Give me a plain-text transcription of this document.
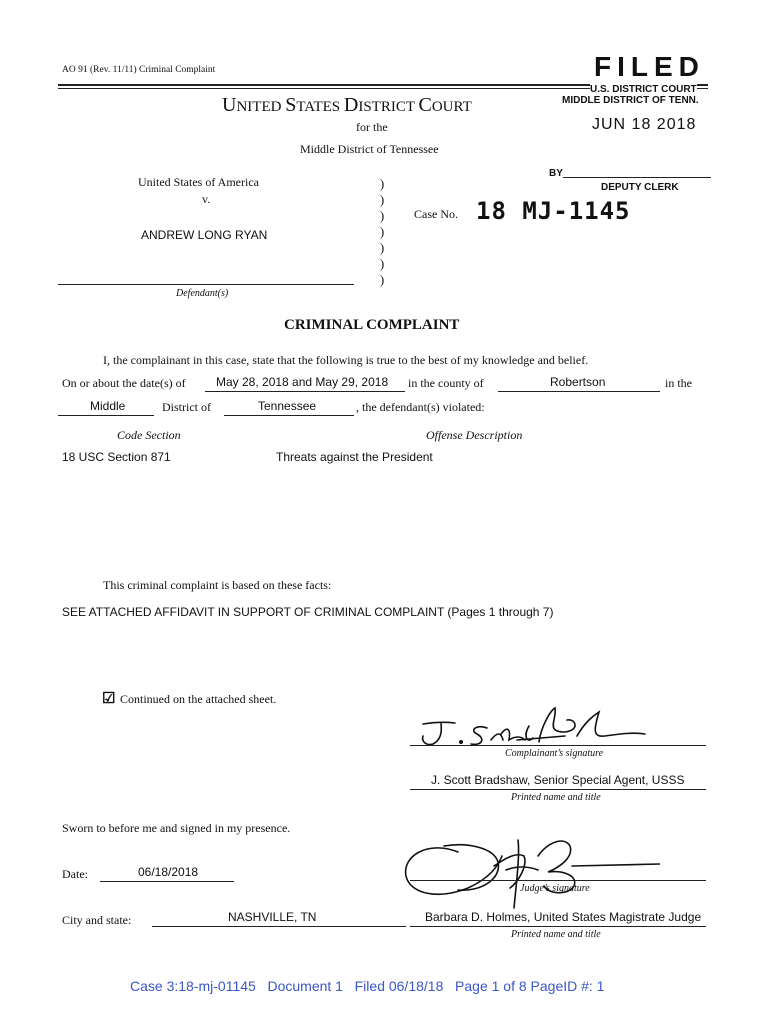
AO 91 (Rev. 11/11) Criminal Complaint	FILED
U.S. DISTRICT COURT
MIDDLE DISTRICT OF TENN.
JUN 18 2018
BY
DEPUTY CLERK
UNITED STATES DISTRICT COURT
for the
Middle District of Tennessee
United States of America
v.
ANDREW LONG RYAN
Defendant(s)
)
)
)
)
)
)
)
Case No. 18 MJ-1145
CRIMINAL COMPLAINT
I, the complainant in this case, state that the following is true to the best of my knowledge and belief.
On or about the date(s) of	May 28, 2018 and May 29, 2018 in the county of	Robertson	in the
Middle	District of	Tennessee	, the defendant(s) violated:
Code Section	Offense Description
18 USC Section 871	Threats against the President
This criminal complaint is based on these facts:
SEE ATTACHED AFFIDAVIT IN SUPPORT OF CRIMINAL COMPLAINT (Pages 1 through 7)
☑ Continued on the attached sheet.
Complainant’s signature
J. Scott Bradshaw, Senior Special Agent, USSS
Printed name and title
Sworn to before me and signed in my presence.
Date:	06/18/2018
Judge’s signature
City and state:	NASHVILLE, TN	Barbara D. Holmes, United States Magistrate Judge
Printed name and title
Case 3:18-mj-01145   Document 1   Filed 06/18/18   Page 1 of 8 PageID #: 1
